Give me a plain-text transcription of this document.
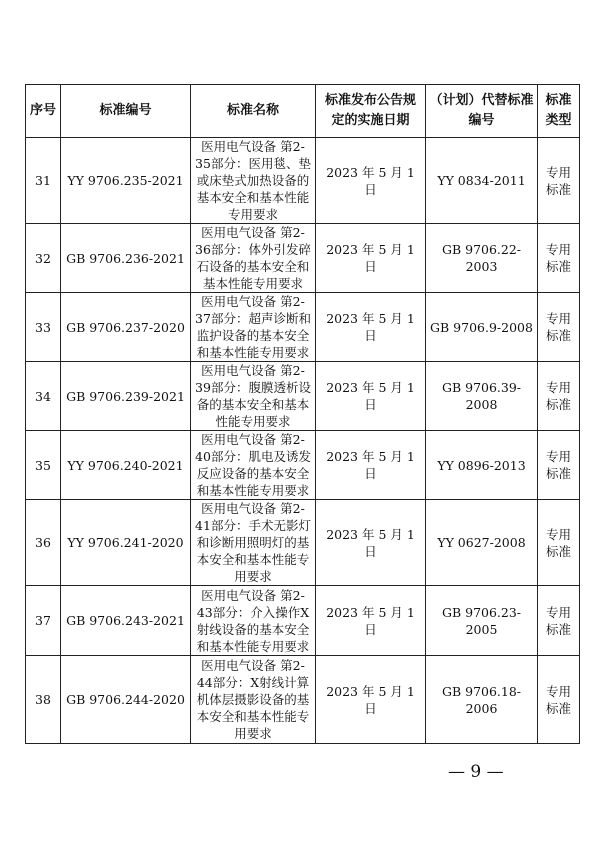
序号	标准编号	标准名称	标准发布公告规定的实施日期	（计划）代替标准编号	标准类型
31	YY 9706.235-2021	医用电气设备 第2-35部分：医用毯、垫或床垫式加热设备的基本安全和基本性能专用要求	2023 年 5 月 1 日	YY 0834-2011	专用标准
32	GB 9706.236-2021	医用电气设备 第2-36部分：体外引发碎石设备的基本安全和基本性能专用要求	2023 年 5 月 1 日	GB 9706.22-2003	专用标准
33	GB 9706.237-2020	医用电气设备 第2-37部分：超声诊断和监护设备的基本安全和基本性能专用要求	2023 年 5 月 1 日	GB 9706.9-2008	专用标准
34	GB 9706.239-2021	医用电气设备 第2-39部分：腹膜透析设备的基本安全和基本性能专用要求	2023 年 5 月 1 日	GB 9706.39-2008	专用标准
35	YY 9706.240-2021	医用电气设备 第2-40部分：肌电及诱发反应设备的基本安全和基本性能专用要求	2023 年 5 月 1 日	YY 0896-2013	专用标准
36	YY 9706.241-2020	医用电气设备 第2-41部分：手术无影灯和诊断用照明灯的基本安全和基本性能专用要求	2023 年 5 月 1 日	YY 0627-2008	专用标准
37	GB 9706.243-2021	医用电气设备 第2-43部分：介入操作X射线设备的基本安全和基本性能专用要求	2023 年 5 月 1 日	GB 9706.23-2005	专用标准
38	GB 9706.244-2020	医用电气设备 第2-44部分：X射线计算机体层摄影设备的基本安全和基本性能专用要求	2023 年 5 月 1 日	GB 9706.18-2006	专用标准
— 9 —
